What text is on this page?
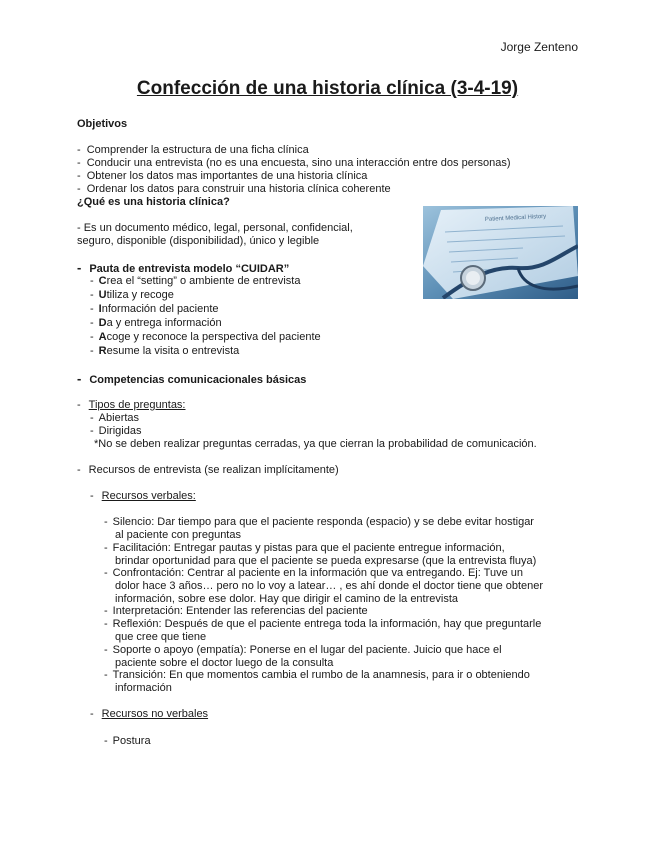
Jorge Zenteno
Confección de una historia clínica (3-4-19)
Objetivos
- Comprender la estructura de una ficha clínica
- Conducir una entrevista (no es una encuesta, sino una interacción entre dos personas)
- Obtener los datos mas importantes de una historia clínica
- Ordenar los datos para construir una historia clínica coherente
¿Qué es una historia clínica?
- Es un documento médico, legal, personal, confidencial,
seguro, disponible (disponibilidad), único y legible
Patient Medical History
- Pauta de entrevista modelo “CUIDAR”
- Crea el “setting” o ambiente de entrevista
- Utiliza y recoge
- Información del paciente
- Da y entrega información
- Acoge y reconoce la perspectiva del paciente
- Resume la visita o entrevista
- Competencias comunicacionales básicas
- Tipos de preguntas:
- Abiertas
- Dirigidas
*No se deben realizar preguntas cerradas, ya que cierran la probabilidad de comunicación.
- Recursos de entrevista (se realizan implícitamente)
- Recursos verbales:
- Silencio: Dar tiempo para que el paciente responda (espacio) y se debe evitar hostigar
al paciente con preguntas
- Facilitación: Entregar pautas y pistas para que el paciente entregue información,
brindar oportunidad para que el paciente se pueda expresarse (que la entrevista fluya)
- Confrontación: Centrar al paciente en la información que va entregando. Ej: Tuve un
dolor hace 3 años… pero no lo voy a latear… , es ahí donde el doctor tiene que obtener
información, sobre ese dolor. Hay que dirigir el camino de la entrevista
- Interpretación: Entender las referencias del paciente
- Reflexión: Después de que el paciente entrega toda la información, hay que preguntarle
que cree que tiene
- Soporte o apoyo (empatía): Ponerse en el lugar del paciente. Juicio que hace el
paciente sobre el doctor luego de la consulta
- Transición: En que momentos cambia el rumbo de la anamnesis, para ir o obteniendo
información
- Recursos no verbales
- Postura
